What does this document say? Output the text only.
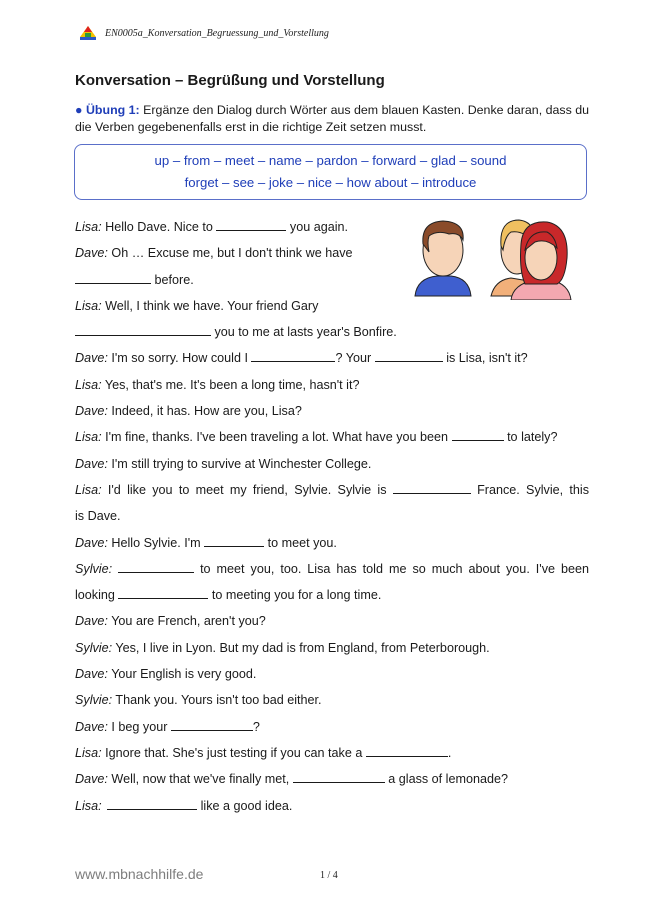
EN0005a_Konversation_Begruessung_und_Vorstellung
Konversation – Begrüßung und Vorstellung
● Übung 1: Ergänze den Dialog durch Wörter aus dem blauen Kasten. Denke daran, dass du die Verben gegebenenfalls erst in die richtige Zeit setzen musst.
up – from – meet – name – pardon – forward – glad – sound
forget – see – joke – nice – how about – introduce
Lisa: Hello Dave. Nice to	you again.
Dave: Oh … Excuse me, but I don't think we have
before.
Lisa: Well, I think we have. Your friend Gary
you to me at lasts year's Bonfire.
Dave: I'm so sorry. How could I	? Your	is Lisa, isn't it?
Lisa: Yes, that's me. It's been a long time, hasn't it?
Dave: Indeed, it has. How are you, Lisa?
Lisa: I'm fine, thanks. I've been traveling a lot. What have you been	to lately?
Dave: I'm still trying to survive at Winchester College.
Lisa: I'd like you to meet my friend, Sylvie. Sylvie is	France. Sylvie, this
is Dave.
Dave: Hello Sylvie. I'm	to meet you.
Sylvie:	to meet you, too. Lisa has told me so much about you. I've been
looking	to meeting you for a long time.
Dave: You are French, aren't you?
Sylvie: Yes, I live in Lyon. But my dad is from England, from Peterborough.
Dave: Your English is very good.
Sylvie: Thank you. Yours isn't too bad either.
Dave: I beg your	?
Lisa: Ignore that. She's just testing if you can take a	.
Dave: Well, now that we've finally met,	a glass of lemonade?
Lisa:	like a good idea.
www.mbnachhilfe.de	1 / 4
